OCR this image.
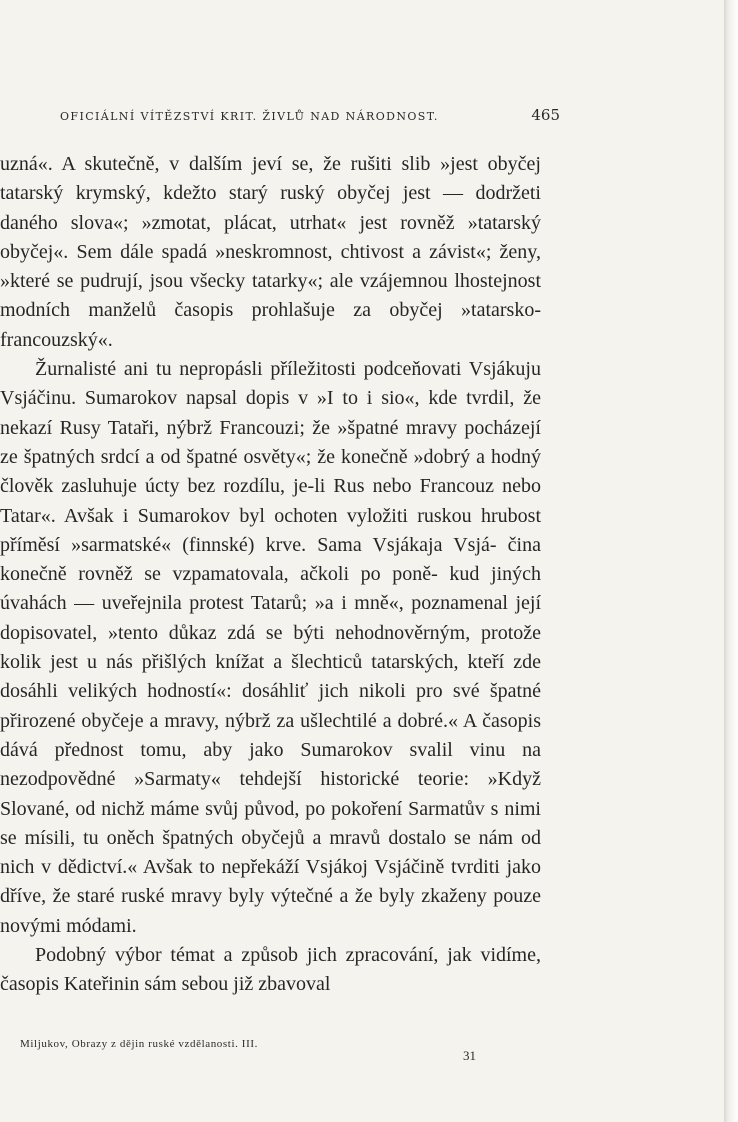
OFICIÁLNÍ VÍTĚZSTVÍ KRIT. ŽIVLŮ NAD NÁRODNOST.	465

uzná«. A skutečně, v dalším jeví se, že rušiti slib »jest obyčej tatarský krymský, kdežto starý ruský obyčej jest — dodržeti daného slova«; »zmotat, plácat, utrhat« jest rovněž »tatarský obyčej«. Sem dále spadá »neskromnost, chtivost a závist«; ženy, »které se pudrují, jsou všecky tatarky«; ale vzájemnou lhostejnost modních manželů časopis prohlašuje za obyčej »tatarsko-francouzský«.

Žurnalisté ani tu nepropásli příležitosti podceňovati Vsjákuju Vsjáčinu. Sumarokov napsal dopis v »I to i sio«, kde tvrdil, že nekazí Rusy Tataři, nýbrž Francouzi; že »špatné mravy pocházejí ze špatných srdcí a od špatné osvěty«; že konečně »dobrý a hodný člověk zasluhuje úcty bez rozdílu, je-li Rus nebo Francouz nebo Tatar«. Avšak i Sumarokov byl ochoten vyložiti ruskou hrubost příměsí »sarmatské« (finnské) krve. Sama Vsjákaja Vsjá- čina konečně rovněž se vzpamatovala, ačkoli po poně- kud jiných úvahách — uveřejnila protest Tatarů; »a i mně«, poznamenal její dopisovatel, »tento důkaz zdá se býti nehodnověrným, protože kolik jest u nás přišlých knížat a šlechticů tatarských, kteří zde dosáhli velikých hodností«: dosáhliť jich nikoli pro své špatné přirozené obyčeje a mravy, nýbrž za ušlechtilé a dobré.« A časopis dává přednost tomu, aby jako Sumarokov svalil vinu na nezodpovědné »Sarmaty« tehdejší historické teorie: »Když Slované, od nichž máme svůj původ, po pokoření Sarmatův s nimi se mísili, tu oněch špatných obyčejů a mravů dostalo se nám od nich v dědictví.« Avšak to nepřekáží Vsjákoj Vsjáčině tvrditi jako dříve, že staré ruské mravy byly výtečné a že byly zkaženy pouze novými módami.

Podobný výbor témat a způsob jich zpracování, jak vidíme, časopis Kateřinin sám sebou již zbavoval

Miljukov, Obrazy z dějin ruské vzdělanosti. III.
31
